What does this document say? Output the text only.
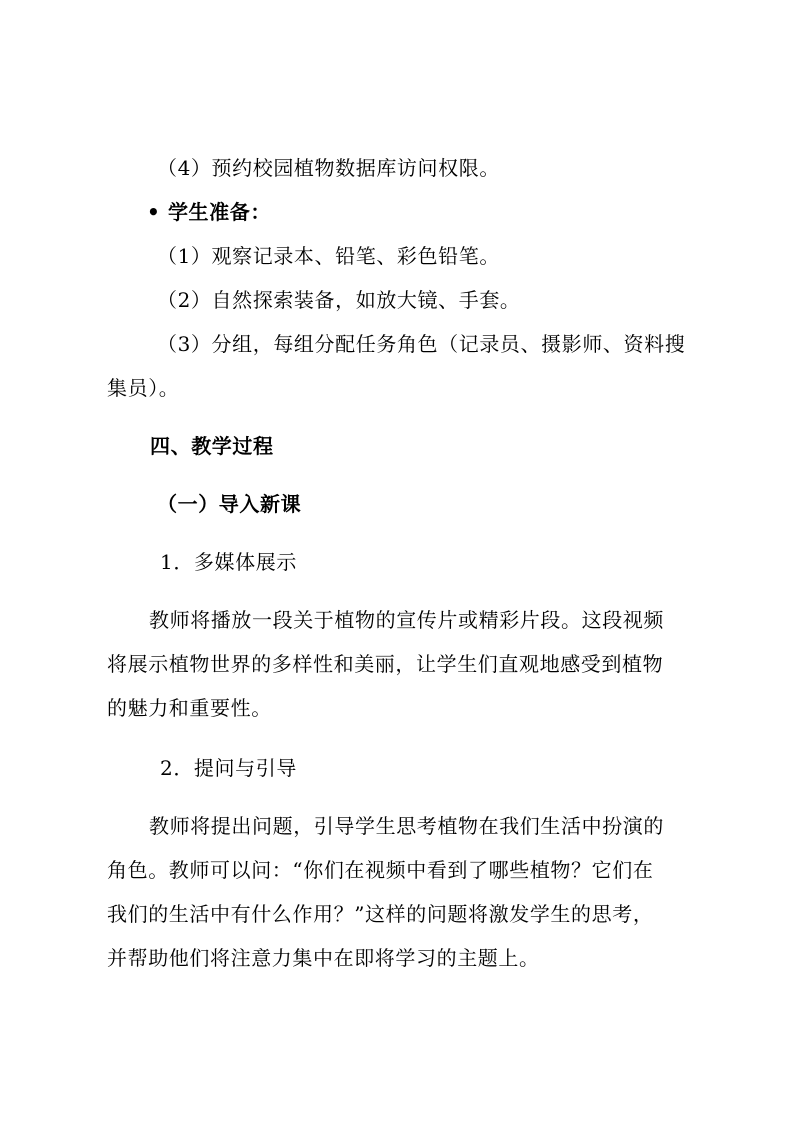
（4）预约校园植物数据库访问权限。
• 学生准备：
（1）观察记录本、铅笔、彩色铅笔。
（2）自然探索装备，如放大镜、手套。
（3）分组，每组分配任务角色（记录员、摄影师、资料搜
集员）。
四、教学过程
（一）导入新课
1．多媒体展示
教师将播放一段关于植物的宣传片或精彩片段。这段视频
将展示植物世界的多样性和美丽，让学生们直观地感受到植物
的魅力和重要性。
2．提问与引导
教师将提出问题，引导学生思考植物在我们生活中扮演的
角色。教师可以问：“你们在视频中看到了哪些植物？它们在
我们的生活中有什么作用？”这样的问题将激发学生的思考，
并帮助他们将注意力集中在即将学习的主题上。
